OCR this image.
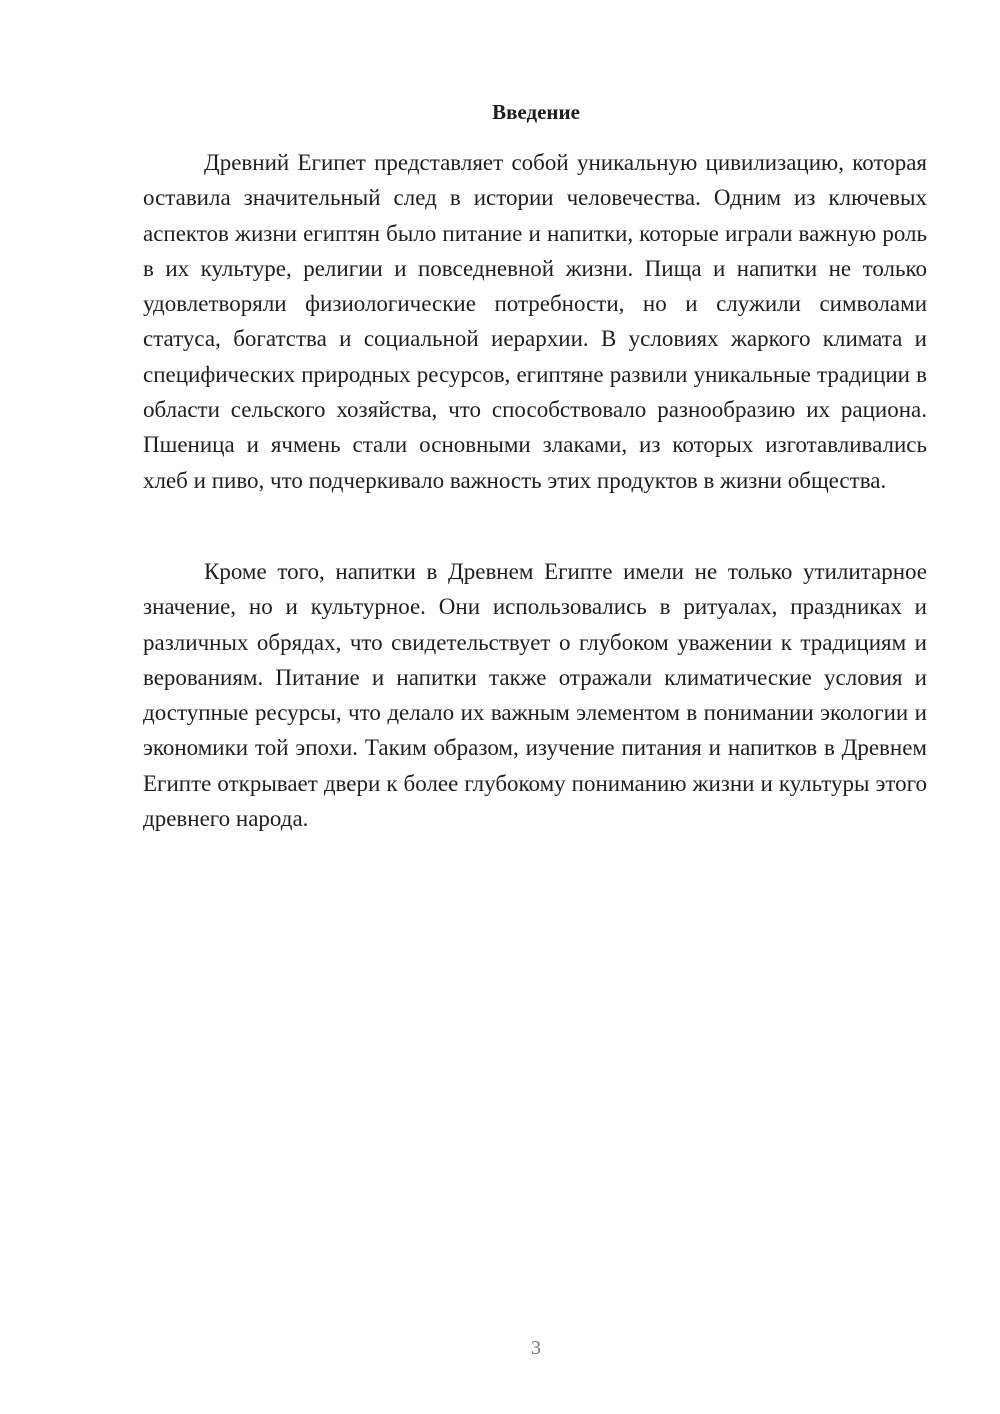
Введение

Древний Египет представляет собой уникальную цивилизацию, которая оставила значительный след в истории человечества. Одним из ключевых аспектов жизни египтян было питание и напитки, которые играли важную роль в их культуре, религии и повседневной жизни. Пища и напитки не только удовлетворяли физиологические потребности, но и служили символами статуса, богатства и социальной иерархии. В условиях жаркого климата и специфических природных ресурсов, египтяне развили уникальные традиции в области сельского хозяйства, что способствовало разнообразию их рациона. Пшеница и ячмень стали основными злаками, из которых изготавливались хлеб и пиво, что подчеркивало важность этих продуктов в жизни общества.

Кроме того, напитки в Древнем Египте имели не только утилитарное значение, но и культурное. Они использовались в ритуалах, праздниках и различных обрядах, что свидетельствует о глубоком уважении к традициям и верованиям. Питание и напитки также отражали климатические условия и доступные ресурсы, что делало их важным элементом в понимании экологии и экономики той эпохи. Таким образом, изучение питания и напитков в Древнем Египте открывает двери к более глубокому пониманию жизни и культуры этого древнего народа.

3
